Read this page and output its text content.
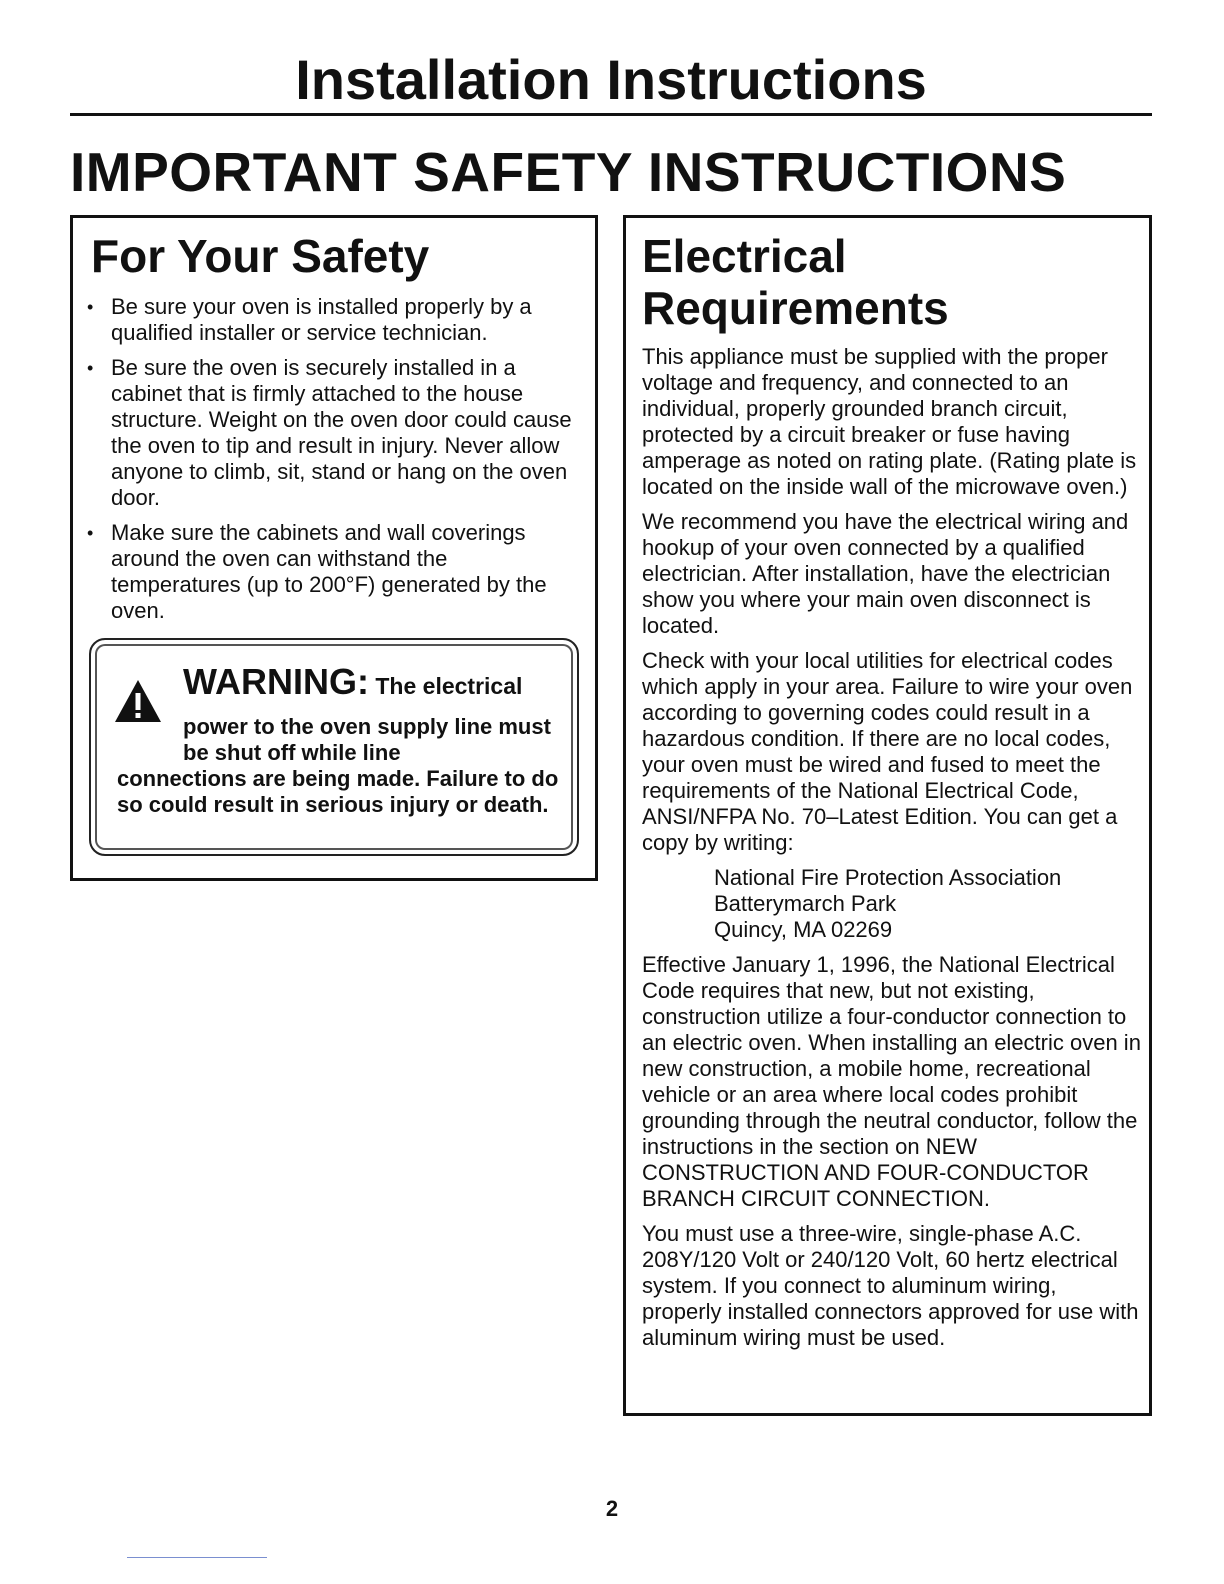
Installation Instructions
IMPORTANT SAFETY INSTRUCTIONS
For Your Safety
• Be sure your oven is installed properly by a qualified installer or service technician.
• Be sure the oven is securely installed in a cabinet that is firmly attached to the house structure. Weight on the oven door could cause the oven to tip and result in injury. Never allow anyone to climb, sit, stand or hang on the oven door.
• Make sure the cabinets and wall coverings around the oven can withstand the temperatures (up to 200°F) generated by the oven.
WARNING: The electrical
power to the oven supply line must be shut off while line
connections are being made. Failure to do so could result in serious injury or death.
Electrical
Requirements

This appliance must be supplied with the proper voltage and frequency, and connected to an individual, properly grounded branch circuit, protected by a circuit breaker or fuse having amperage as noted on rating plate. (Rating plate is located on the inside wall of the microwave oven.)

We recommend you have the electrical wiring and hookup of your oven connected by a qualified electrician. After installation, have the electrician show you where your main oven disconnect is located.

Check with your local utilities for electrical codes which apply in your area. Failure to wire your oven according to governing codes could result in a hazardous condition. If there are no local codes, your oven must be wired and fused to meet the requirements of the National Electrical Code, ANSI/NFPA No. 70–Latest Edition. You can get a copy by writing:

National Fire Protection Association
Batterymarch Park
Quincy, MA 02269

Effective January 1, 1996, the National Electrical Code requires that new, but not existing, construction utilize a four-conductor connection to an electric oven. When installing an electric oven in new construction, a mobile home, recreational vehicle or an area where local codes prohibit grounding through the neutral conductor, follow the instructions in the section on NEW CONSTRUCTION AND FOUR-CONDUCTOR BRANCH CIRCUIT CONNECTION.

You must use a three-wire, single-phase A.C. 208Y/120 Volt or 240/120 Volt, 60 hertz electrical system. If you connect to aluminum wiring, properly installed connectors approved for use with aluminum wiring must be used.

2
